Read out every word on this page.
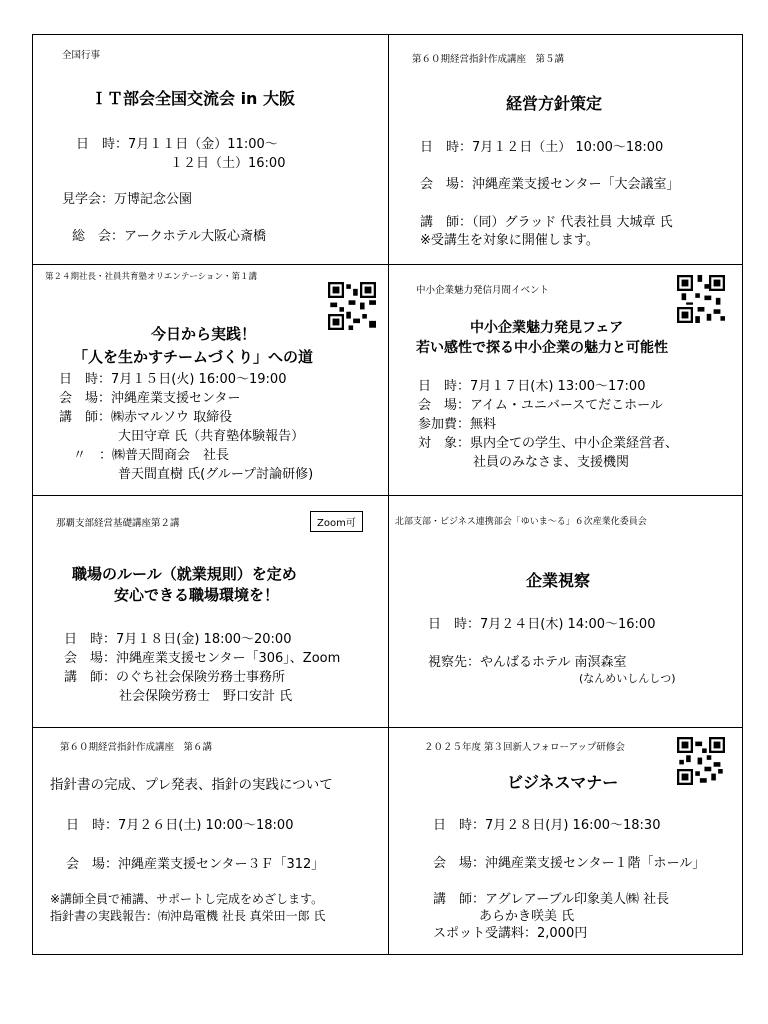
全国行事
ＩＴ部会全国交流会 in 大阪
日　時：7月１１日（金）11:00～
１２日（土）16:00
見学会：万博記念公園
総　会：アークホテル大阪心斎橋
第６０期経営指針作成講座　第５講
経営方針策定
日　時：7月１２日（土） 10:00～18:00
会　場：沖縄産業支援センター「大会議室」
講　師：（同）グラッド 代表社員 大城章 氏
※受講生を対象に開催します。
第２４期社長・社員共育塾オリエンテーション・第１講
今日から実践！
「人を生かすチームづくり」への道
日　時：7月１５日(火) 16:00～19:00
会　場：沖縄産業支援センター
講　師：㈱赤マルソウ 取締役
大田守章 氏（共育塾体験報告）
〃　：㈱普天間商会　社長
普天間直樹 氏(グループ討論研修)
中小企業魅力発信月間イベント
中小企業魅力発見フェア
若い感性で探る中小企業の魅力と可能性
日　時：7月１７日(木) 13:00～17:00
会　場：アイム・ユニバースてだこホール
参加費：無料
対　象：県内全ての学生、中小企業経営者、
社員のみなさま、支援機関
那覇支部経営基礎講座第２講	Zoom可
職場のルール（就業規則）を定め
安心できる職場環境を！
日　時：7月１８日(金) 18:00～20:00
会　場：沖縄産業支援センター「306」、Zoom
講　師：のぐち社会保険労務士事務所
社会保険労務士　野口安計 氏
北部支部・ビジネス連携部会「ゆいま～る」６次産業化委員会
企業視察
日　時：7月２４日(木) 14:00～16:00
視察先：やんばるホテル 南溟森室
(なんめいしんしつ)
第６０期経営指針作成講座　第６講
指針書の完成、プレ発表、指針の実践について
日　時：7月２６日(土) 10:00～18:00
会　場：沖縄産業支援センター３Ｆ「312」
※講師全員で補講、サポートし完成をめざします。
指針書の実践報告：㈲沖島電機 社長 真栄田一郎 氏
２０２５年度 第３回新人フォローアップ研修会
ビジネスマナー
日　時：7月２８日(月) 16:00～18:30
会　場：沖縄産業支援センター１階「ホール」
講　師：アグレアーブル印象美人㈱ 社長
あらかき咲美 氏
スポット受講料：2,000円
